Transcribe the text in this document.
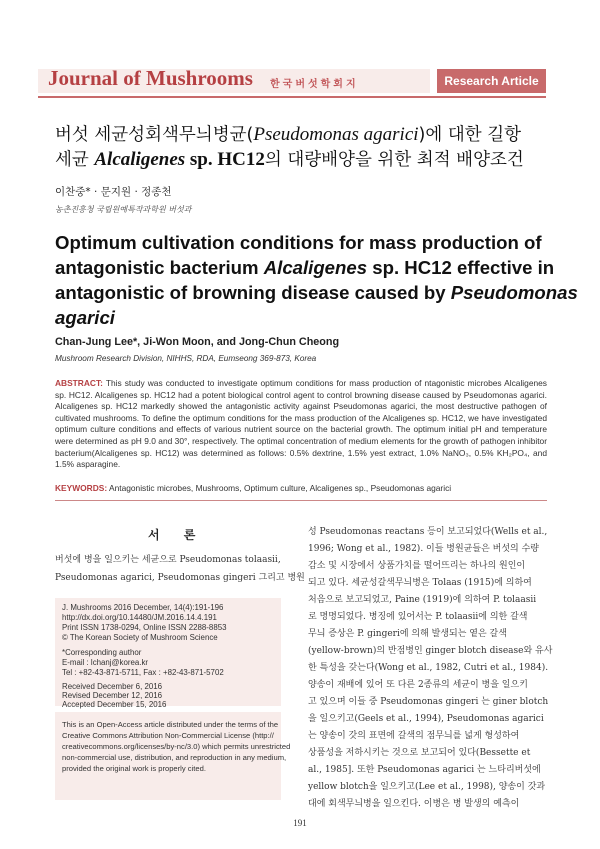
Journal of Mushrooms 한국버섯학회지	Research Article
버섯 세균성회색무늬병균(Pseudomonas agarici)에 대한 길항
세균 Alcaligenes sp. HC12의 대량배양을 위한 최적 배양조건
이찬중* · 문지원 · 정종천
농촌진흥청 국립원예특작과학원 버섯과
Optimum cultivation conditions for mass production of
antagonistic bacterium Alcaligenes sp. HC12 effective in
antagonistic of browning disease caused by Pseudomonas
agarici
Chan-Jung Lee*, Ji-Won Moon, and Jong-Chun Cheong
Mushroom Research Division, NIHHS, RDA, Eumseong 369-873, Korea
ABSTRACT: This study was conducted to investigate optimum conditions for mass production of ntagonistic microbes Alcaligenes sp. HC12. Alcaligenes sp. HC12 had a potent biological control agent to control browning disease caused by Pseudomonas agarici. Alcaligenes sp. HC12 markedly showed the antagonistic activity against Pseudomonas agarici, the most destructive pathogen of cultivated mushrooms. To define the optimum conditions for the mass production of the Alcaligenes sp. HC12, we have investigated optimum culture conditions and effects of various nutrient source on the bacterial growth. The optimum initial pH and temperature were determined as pH 9.0 and 30°, respectively. The optimal concentration of medium elements for the growth of pathogen inhibitor bacterium(Alcaligenes sp. HC12) was determined as follows: 0.5% dextrine, 1.5% yest extract, 1.0% NaNO₃, 0.5% KH₂PO₄, and 1.5% asparagine.
KEYWORDS: Antagonistic microbes, Mushrooms, Optimum culture, Alcaligenes sp., Pseudomonas agarici
서 론
버섯에 병을 일으키는 세균으로 Pseudomonas tolaasii,
Pseudomonas agarici, Pseudomonas gingeri 그리고 병원
J. Mushrooms 2016 December, 14(4):191-196
http://dx.doi.org/10.14480/JM.2016.14.4.191
Print ISSN 1738-0294, Online ISSN 2288-8853
© The Korean Society of Mushroom Science
*Corresponding author
E-mail : lchanj@korea.kr
Tel : +82-43-871-5711, Fax : +82-43-871-5702
Received December 6, 2016
Revised December 12, 2016
Accepted December 15, 2016
This is an Open-Access article distributed under the terms of the
Creative Commons Attribution Non-Commercial License (http://
creativecommons.org/licenses/by-nc/3.0) which permits unrestricted
non-commercial use, distribution, and reproduction in any medium,
provided the original work is properly cited.
성 Pseudomonas reactans 등이 보고되었다(Wells et al.,
1996; Wong et al., 1982). 이들 병원균들은 버섯의 수량
감소 및 시장에서 상품가치를 떨어뜨리는 하나의 원인이
되고 있다. 세균성갈색무늬병은 Tolaas (1915)에 의하여
처음으로 보고되었고, Paine (1919)에 의하여 P. tolaasii
로 명명되었다. 병징에 있어서는 P. tolaasii에 의한 갈색
무늬 증상은 P. gingeri에 의해 발생되는 옅은 갈색
(yellow-brown)의 반점병인 ginger blotch disease와 유사
한 특성을 갖는다(Wong et al., 1982, Cutri et al., 1984).
양송이 재배에 있어 또 다른 2종류의 세균이 병을 일으키
고 있으며 이들 중 Pseudomonas gingeri 는 giner blotch
을 일으키고(Geels et al., 1994), Pseudomonas agarici
는 양송이 갓의 표면에 갈색의 점무늬를 넓게 형성하여
상품성을 저하시키는 것으로 보고되어 있다(Bessette et
al., 1985]. 또한 Pseudomonas agarici 는 느타리버섯에
yellow blotch을 일으키고(Lee et al., 1998), 양송이 갓과
대에 회색무늬병을 일으킨다. 이병은 병 발생의 예측이
191
